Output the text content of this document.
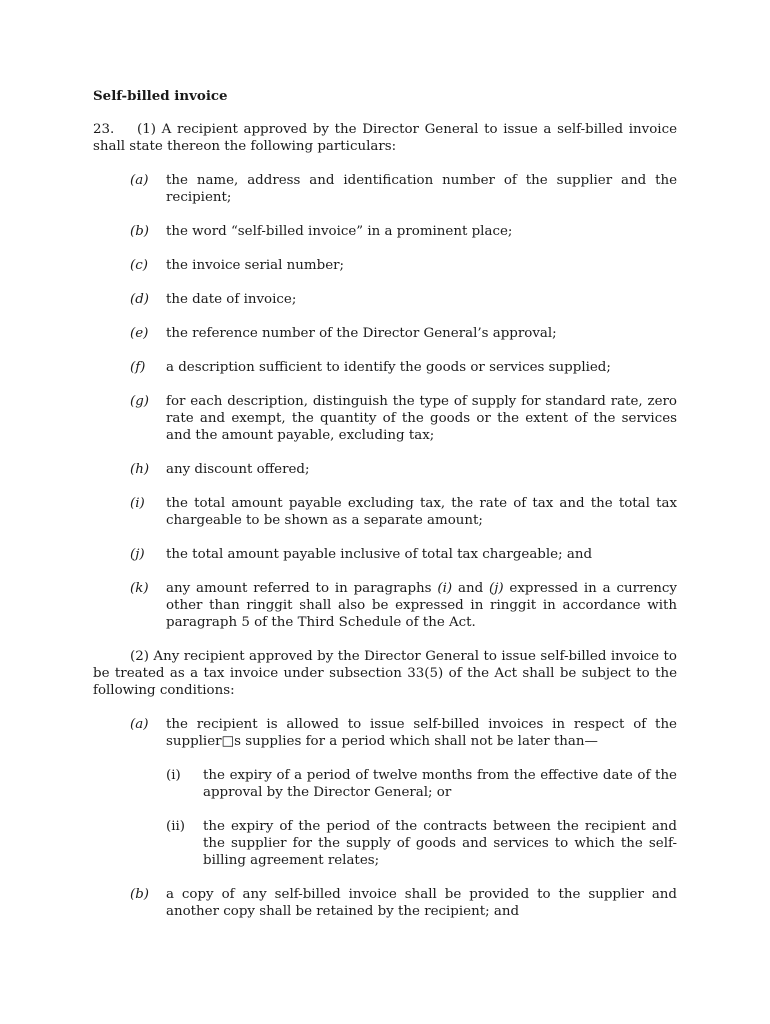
Self-billed invoice
23.    (1) A recipient approved by the Director General to issue a self-billed invoice shall state thereon the following particulars:
(a) the name, address and identification number of the supplier and the recipient;
(b) the word “self-billed invoice” in a prominent place;
(c) the invoice serial number;
(d) the date of invoice;
(e) the reference number of the Director General’s approval;
(f) a description sufficient to identify the goods or services supplied;
(g) for each description, distinguish the type of supply for standard rate, zero rate and exempt, the quantity of the goods or the extent of the services and the amount payable, excluding tax;
(h) any discount offered;
(i) the total amount payable excluding tax, the rate of tax and the total tax chargeable to be shown as a separate amount;
(j) the total amount payable inclusive of total tax chargeable; and
(k) any amount referred to in paragraphs (i) and (j) expressed in a currency other than ringgit shall also be expressed in ringgit in accordance with paragraph 5 of the Third Schedule of the Act.
(2) Any recipient approved by the Director General to issue self-billed invoice to be treated as a tax invoice under subsection 33(5) of the Act shall be subject to the following conditions:
(a) the recipient is allowed to issue self-billed invoices in respect of the supplier□s supplies for a period which shall not be later than—
(i) the expiry of a period of twelve months from the effective date of the approval by the Director General; or
(ii) the expiry of the period of the contracts between the recipient and the supplier for the supply of goods and services to which the self-billing agreement relates;
(b) a copy of any self-billed invoice shall be provided to the supplier and another copy shall be retained by the recipient; and
